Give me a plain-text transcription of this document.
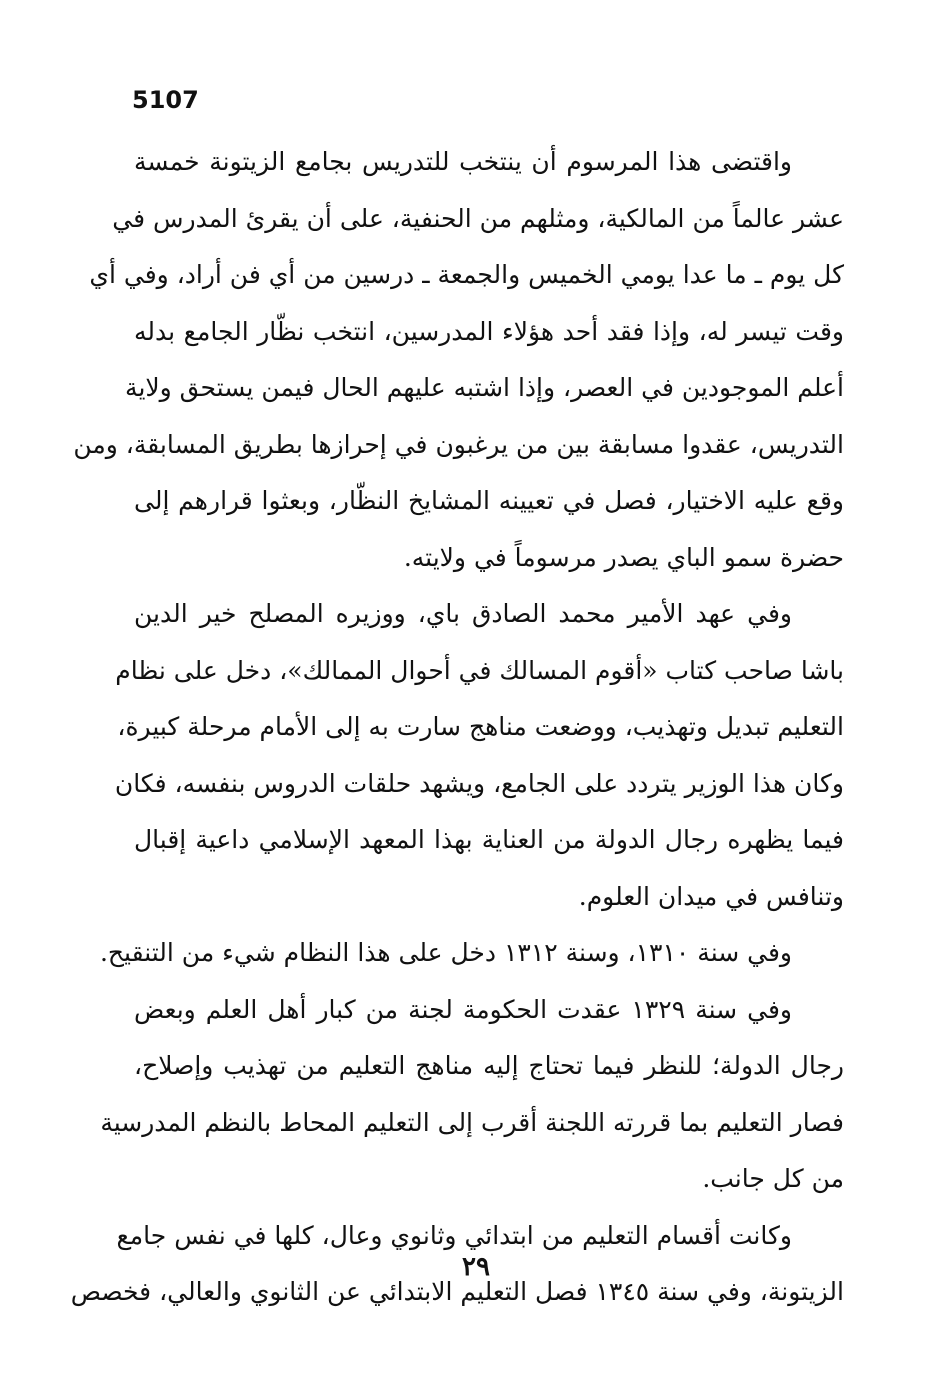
5107

واقتضى هذا المرسوم أن ينتخب للتدريس بجامع الزيتونة خمسة
عشر عالماً من المالكية، ومثلهم من الحنفية، على أن يقرئ المدرس في
كل يوم ـ ما عدا يومي الخميس والجمعة ـ درسين من أي فن أراد، وفي أي
وقت تيسر له، وإذا فقد أحد هؤلاء المدرسين، انتخب نظّار الجامع بدله
أعلم الموجودين في العصر، وإذا اشتبه عليهم الحال فيمن يستحق ولاية
التدريس، عقدوا مسابقة بين من يرغبون في إحرازها بطريق المسابقة، ومن
وقع عليه الاختيار، فصل في تعيينه المشايخ النظّار، وبعثوا قرارهم إلى
حضرة سمو الباي يصدر مرسوماً في ولايته.

وفي عهد الأمير محمد الصادق باي، ووزيره المصلح خير الدين
باشا صاحب كتاب «أقوم المسالك في أحوال الممالك»، دخل على نظام
التعليم تبديل وتهذيب، ووضعت مناهج سارت به إلى الأمام مرحلة كبيرة،
وكان هذا الوزير يتردد على الجامع، ويشهد حلقات الدروس بنفسه، فكان
فيما يظهره رجال الدولة من العناية بهذا المعهد الإسلامي داعية إقبال
وتنافس في ميدان العلوم.

وفي سنة ١٣١٠، وسنة ١٣١٢ دخل على هذا النظام شيء من التنقيح.

وفي سنة ١٣٢٩ عقدت الحكومة لجنة من كبار أهل العلم وبعض
رجال الدولة؛ للنظر فيما تحتاج إليه مناهج التعليم من تهذيب وإصلاح،
فصار التعليم بما قررته اللجنة أقرب إلى التعليم المحاط بالنظم المدرسية
من كل جانب.

وكانت أقسام التعليم من ابتدائي وثانوي وعال، كلها في نفس جامع
الزيتونة، وفي سنة ١٣٤٥ فصل التعليم الابتدائي عن الثانوي والعالي، فخصص

٢٩
